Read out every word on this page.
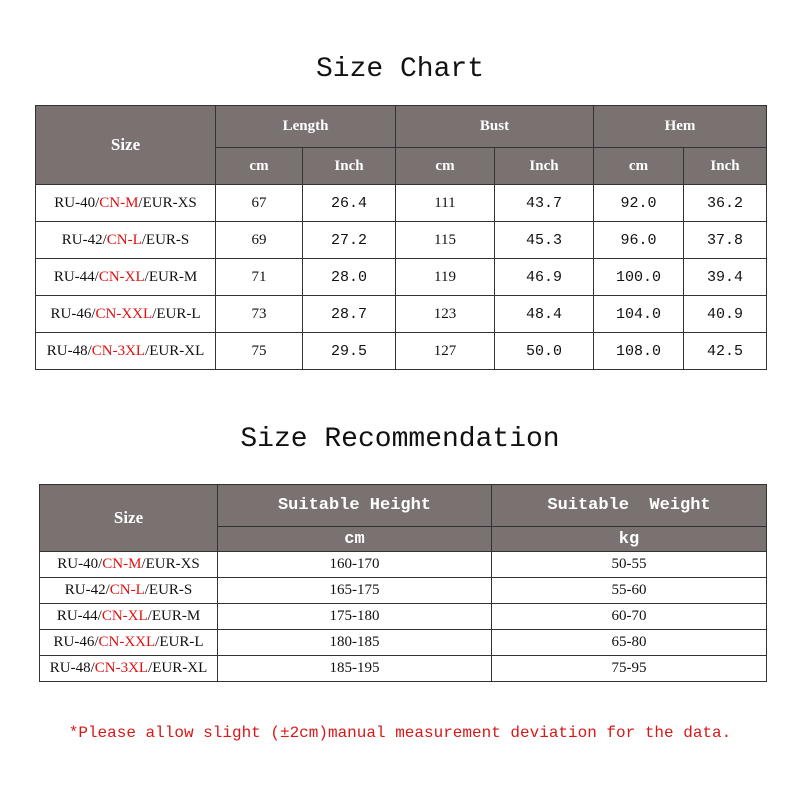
Size Chart
Size	Length		Bust		Hem	
	cm	Inch	cm	Inch	cm	Inch
RU-40/CN-M/EUR-XS	67	26.4	111	43.7	92.0	36.2
RU-42/CN-L/EUR-S	69	27.2	115	45.3	96.0	37.8
RU-44/CN-XL/EUR-M	71	28.0	119	46.9	100.0	39.4
RU-46/CN-XXL/EUR-L	73	28.7	123	48.4	104.0	40.9
RU-48/CN-3XL/EUR-XL	75	29.5	127	50.0	108.0	42.5
Size Recommendation
Size	Suitable Height	Suitable  Weight
	cm	kg
RU-40/CN-M/EUR-XS	160-170	50-55
RU-42/CN-L/EUR-S	165-175	55-60
RU-44/CN-XL/EUR-M	175-180	60-70
RU-46/CN-XXL/EUR-L	180-185	65-80
RU-48/CN-3XL/EUR-XL	185-195	75-95
*Please allow slight (±2cm)manual measurement deviation for the data.
